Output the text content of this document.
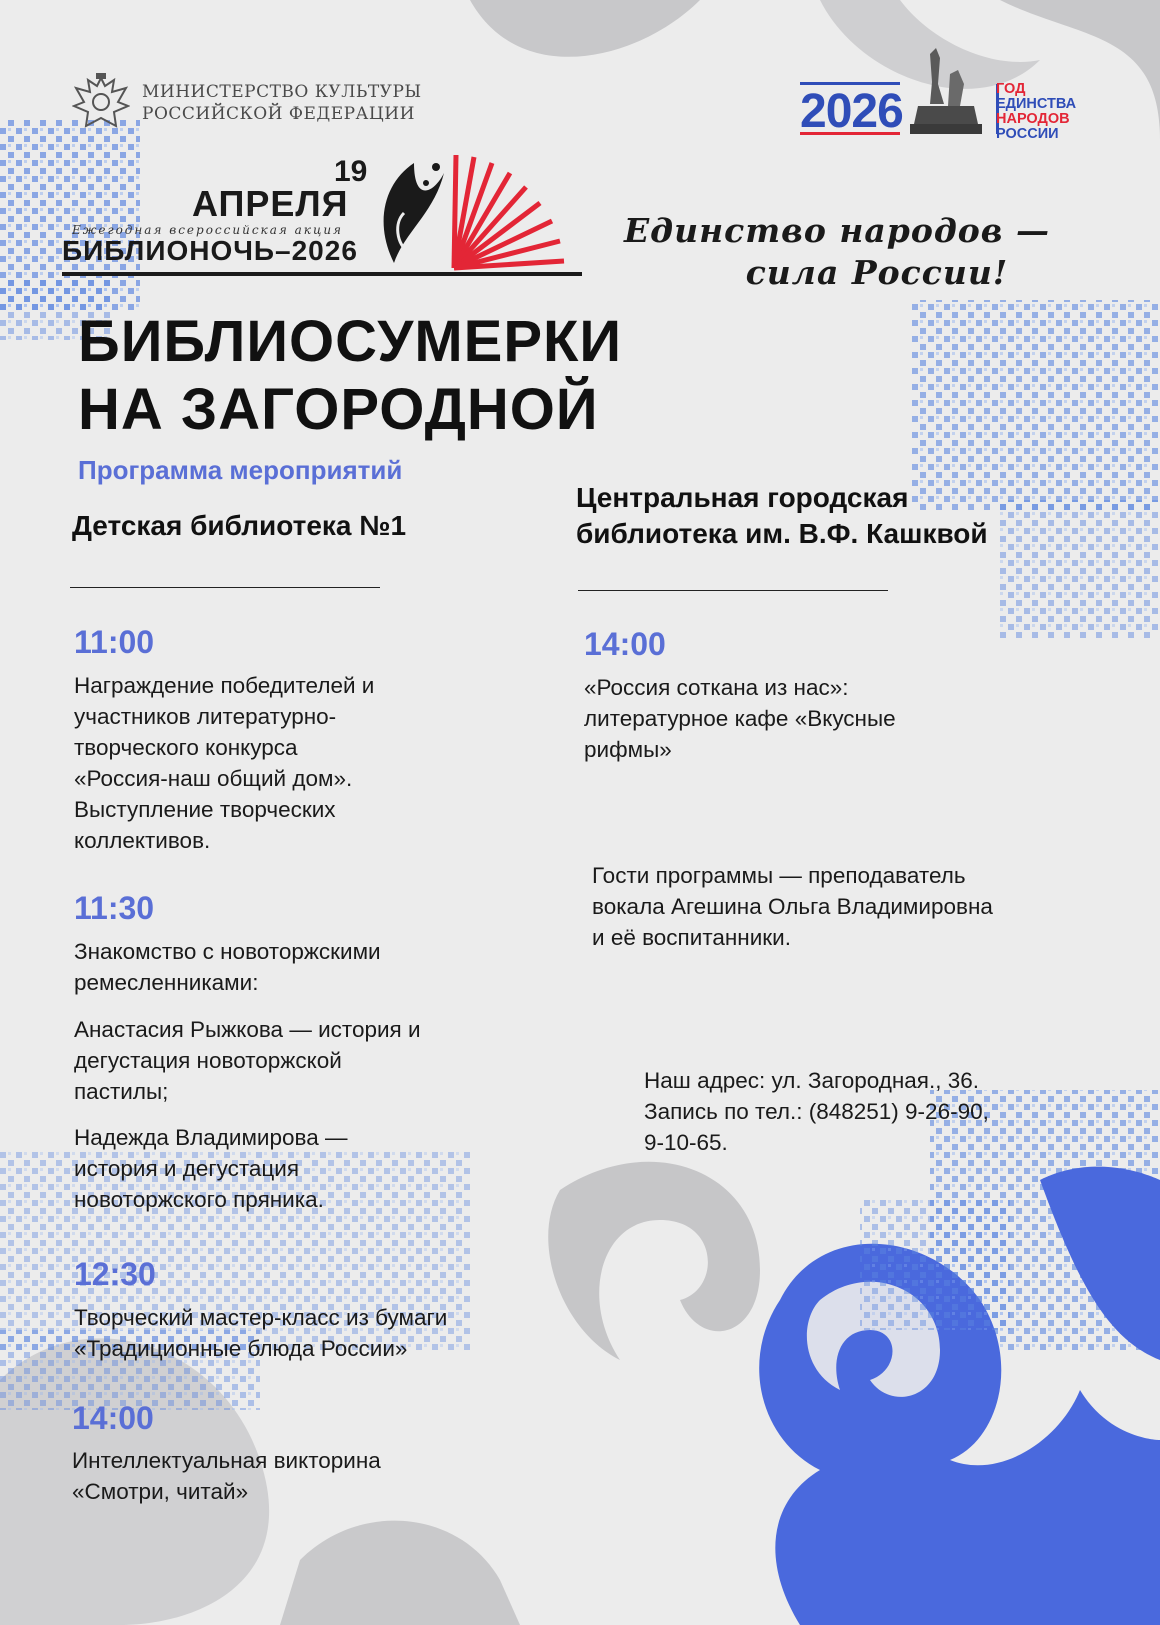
МИНИСТЕРСТВО КУЛЬТУРЫ
РОССИЙСКОЙ ФЕДЕРАЦИИ
19
АПРЕЛЯ
Ежегодная всероссийская акция
БИБЛИОНОЧЬ–2026
2026	ГОД
ЕДИНСТВА
НАРОДОВ
РОССИИ
Единство народов —
сила России!
БИБЛИОСУМЕРКИ
НА ЗАГОРОДНОЙ
Программа мероприятий
Детская библиотека №1
11:00
Награждение победителей и
участников литературно-
творческого конкурса
«Россия-наш общий дом».
Выступление творческих
коллективов.
11:30
Знакомство с новоторжскими
ремесленниками:
Анастасия Рыжкова — история и
дегустация новоторжской
пастилы;
Надежда Владимирова —
история и дегустация
новоторжского пряника.
12:30
Творческий мастер-класс из бумаги
«Традиционные блюда России»
14:00
Интеллектуальная викторина
«Смотри, читай»
Центральная городская
библиотека им. В.Ф. Кашквой
14:00
«Россия соткана из нас»:
литературное кафе «Вкусные
рифмы»
Гости программы — преподаватель
вокала Агешина Ольга Владимировна
и её воспитанники.
Наш адрес: ул. Загородная., 36.
Запись по тел.: (848251) 9-26-90,
9-10-65.
